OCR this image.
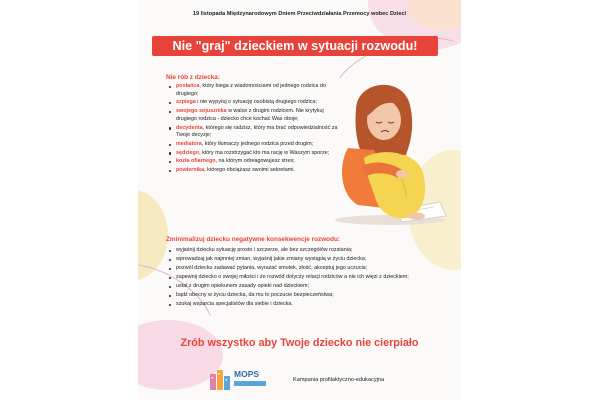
19 listopada Międzynarodowym Dniem Przeciwdziałania Przemocy wobec Dzieci
Nie "graj" dzieckiem w sytuacji rozwodu!
Nie rób z dziecka:
posłańca, który biega z wiadomościami od jednego rodzica do drugiego;
szpiega i nie wypytuj o sytuację osobistą drugiego rodzica;
swojego sojusznika w walce z drugim rodzicem. Nie krytykuj drugiego rodzica - dziecko chce kochać Was oboje;
decydenta, którego się radzisz, który ma brać odpowiedzialność za Twoje decyzje;
mediatora, który tłumaczy jednego rodzica przed drugim;
sędziego, który ma rozstrzygać kto ma rację w Waszym sporze;
kozła ofiarnego, na którym odreagowujesz stres;
powiernika, którego obciążasz swoimi sekretami.
Zminimalizuj dziecku negatywne konsekwencje rozwodu:
wyjaśnij dziecku sytuację prosto i szczerze, ale bez szczegółów rozstania;
wprowadzaj jak najmniej zmian, wyjaśnij jakie zmiany wystąpią w życiu dziecka;
pozwól dziecku zadawać pytania, wyrażać smutek, złość, akceptuj jego uczucia;
zapewnij dziecko o swojej miłości i że rozwód dotyczy relacji rodziców a nie ich więzi z dzieckiem;
ustal z drugim opiekunem zasady opieki nad dzieckiem;
bądź obecny w życiu dziecka, da mu to poczucie bezpieczeństwa;
szukaj wsparcia specjalistów dla siebie i dziecka.
Zrób wszystko aby Twoje dziecko nie cierpiało
MOPS
Kampania profilaktyczno-edukacyjna
